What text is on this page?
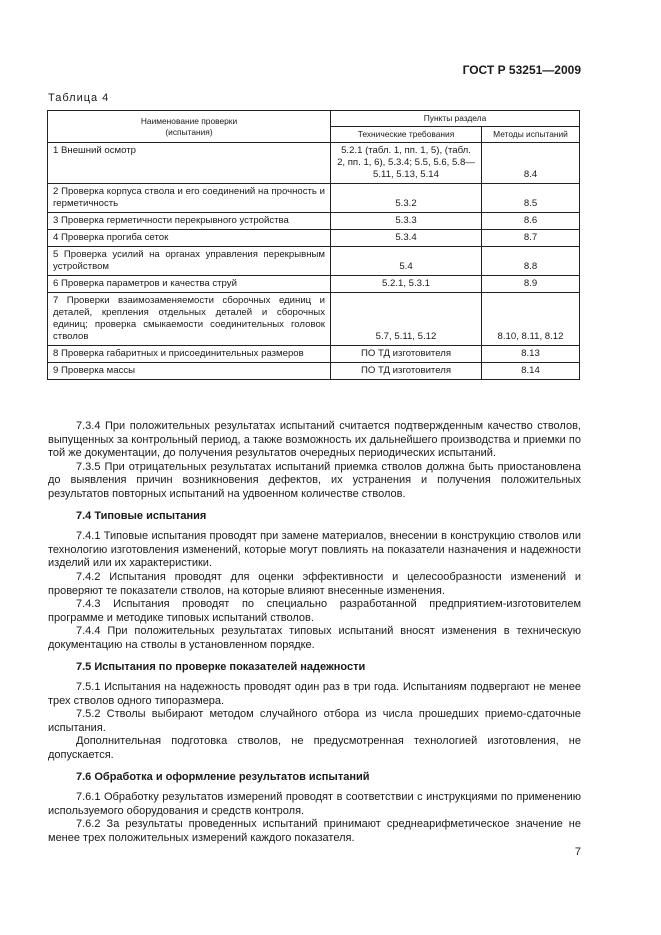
ГОСТ Р 53251—2009
Таблица 4
Наименование проверки
(испытания)	Пункты раздела	
	Технические требования	Методы испытаний
1 Внешний осмотр	5.2.1 (табл. 1, пп. 1, 5), (табл. 2, пп. 1, 6), 5.3.4; 5.5, 5.6, 5.8—5.11, 5.13, 5.14	8.4
2 Проверка корпуса ствола и его соединений на прочность и герметичность	5.3.2	8.5
3 Проверка герметичности перекрывного устройства	5.3.3	8.6
4 Проверка прогиба сеток	5.3.4	8.7
5 Проверка усилий на органах управления перекрывным устройством	5.4	8.8
6 Проверка параметров и качества струй	5.2.1, 5.3.1	8.9
7 Проверки взаимозаменяемости сборочных единиц и деталей, крепления отдельных деталей и сборочных единиц; проверка смыкаемости соединительных головок стволов	5.7, 5.11, 5.12	8.10, 8.11, 8.12
8 Проверка габаритных и присоединительных размеров	ПО ТД изготовителя	8.13
9 Проверка массы	ПО ТД изготовителя	8.14

7.3.4 При положительных результатах испытаний считается подтвержденным качество стволов, выпущенных за контрольный период, а также возможность их дальнейшего производства и приемки по той же документации, до получения результатов очередных периодических испытаний.

7.3.5 При отрицательных результатах испытаний приемка стволов должна быть приостановлена до выявления причин возникновения дефектов, их устранения и получения положительных результатов повторных испытаний на удвоенном количестве стволов.

7.4 Типовые испытания

7.4.1 Типовые испытания проводят при замене материалов, внесении в конструкцию стволов или технологию изготовления изменений, которые могут повлиять на показатели назначения и надежности изделий или их характеристики.

7.4.2 Испытания проводят для оценки эффективности и целесообразности изменений и проверяют те показатели стволов, на которые влияют внесенные изменения.

7.4.3 Испытания проводят по специально разработанной предприятием-изготовителем программе и методике типовых испытаний стволов.

7.4.4 При положительных результатах типовых испытаний вносят изменения в техническую документацию на стволы в установленном порядке.

7.5 Испытания по проверке показателей надежности

7.5.1 Испытания на надежность проводят один раз в три года. Испытаниям подвергают не менее трех стволов одного типоразмера.

7.5.2 Стволы выбирают методом случайного отбора из числа прошедших приемо-сдаточные испытания.

Дополнительная подготовка стволов, не предусмотренная технологией изготовления, не допускается.

7.6 Обработка и оформление результатов испытаний

7.6.1 Обработку результатов измерений проводят в соответствии с инструкциями по применению используемого оборудования и средств контроля.

7.6.2 За результаты проведенных испытаний принимают среднеарифметическое значение не менее трех положительных измерений каждого показателя.

7
